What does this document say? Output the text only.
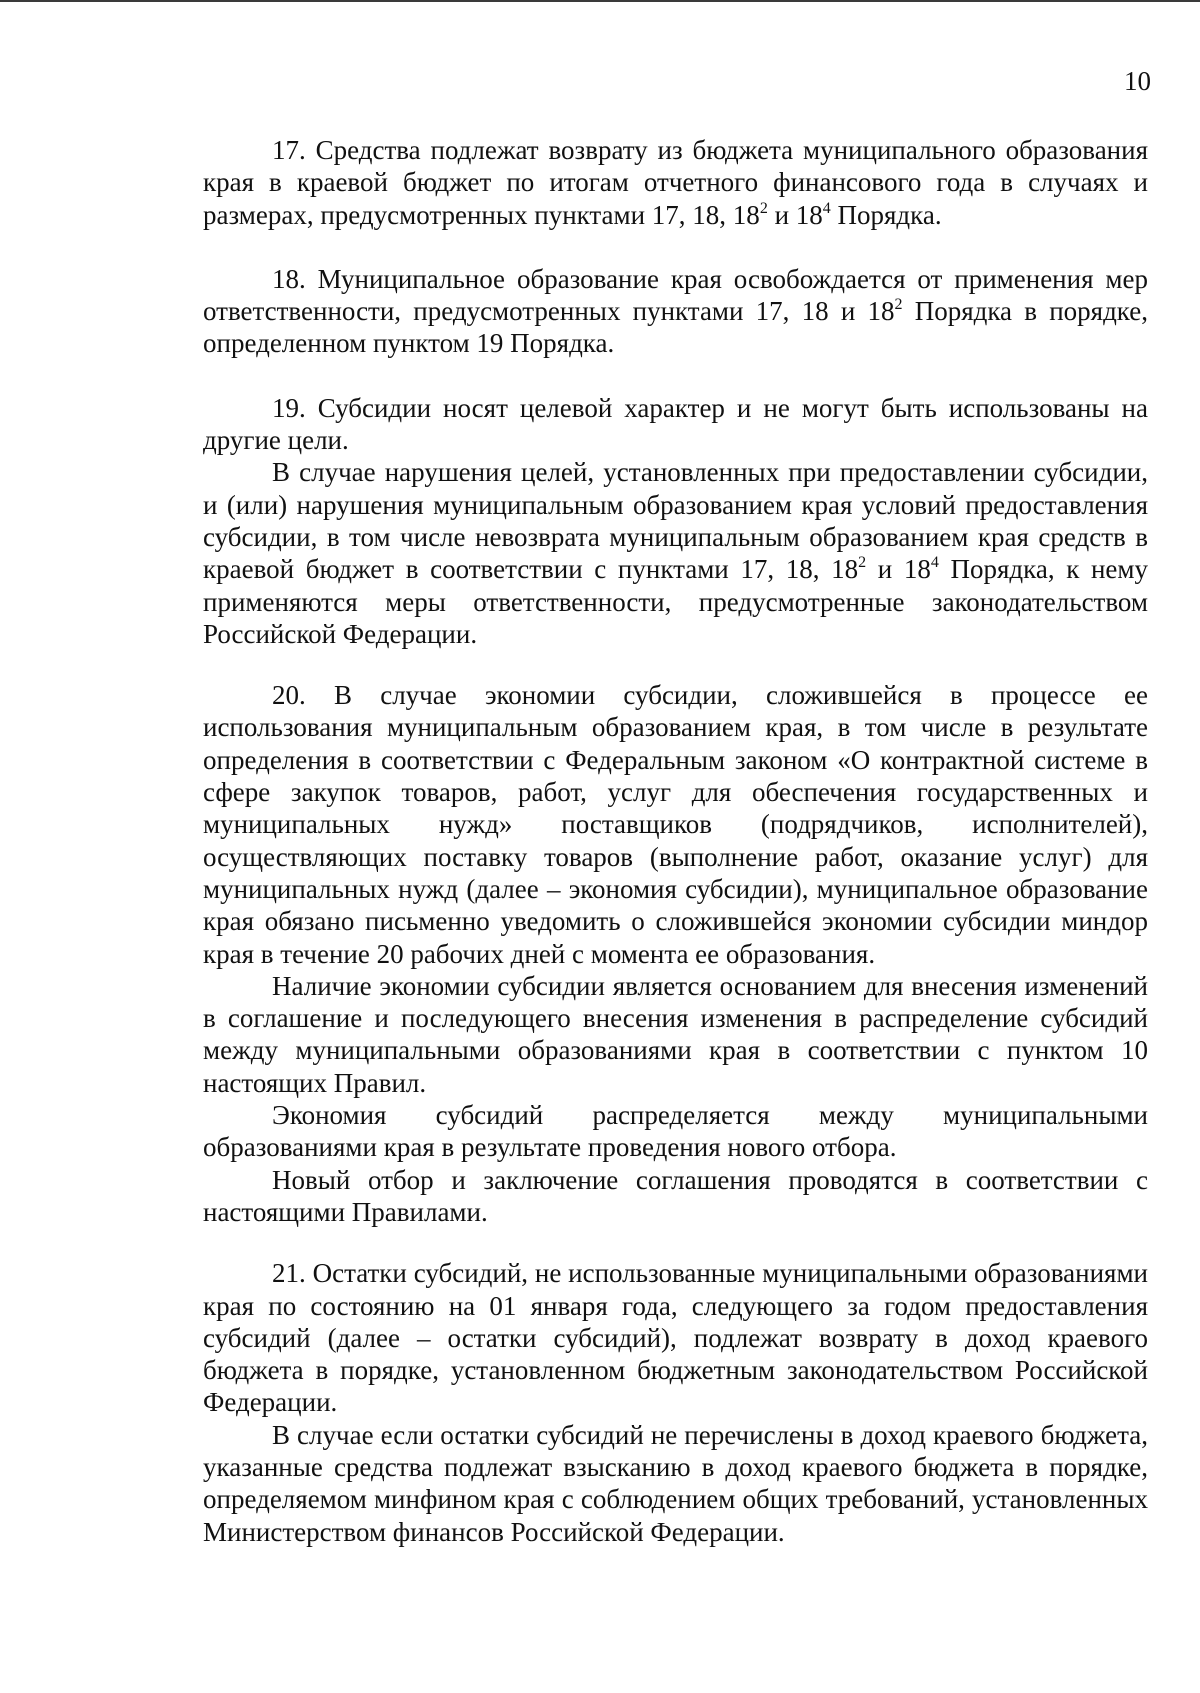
10

17. Средства подлежат возврату из бюджета муниципального образования края в краевой бюджет по итогам отчетного финансового года в случаях и размерах, предусмотренных пунктами 17, 18, $18^2$ и $18^4$ Порядка.

18. Муниципальное образование края освобождается от применения мер ответственности, предусмотренных пунктами 17, 18 и $18^2$ Порядка в порядке, определенном пунктом 19 Порядка.

19. Субсидии носят целевой характер и не могут быть использованы на другие цели.

В случае нарушения целей, установленных при предоставлении субсидии, и (или) нарушения муниципальным образованием края условий предоставления субсидии, в том числе невозврата муниципальным образованием края средств в краевой бюджет в соответствии с пунктами 17, 18, $18^2$ и $18^4$ Порядка, к нему применяются меры ответственности, предусмотренные законодательством Российской Федерации.

20. В случае экономии субсидии, сложившейся в процессе ее использования муниципальным образованием края, в том числе в результате определения в соответствии с Федеральным законом «О контрактной системе в сфере закупок товаров, работ, услуг для обеспечения государственных и муниципальных нужд» поставщиков (подрядчиков, исполнителей), осуществляющих поставку товаров (выполнение работ, оказание услуг) для муниципальных нужд (далее – экономия субсидии), муниципальное образование края обязано письменно уведомить о сложившейся экономии субсидии миндор края в течение 20 рабочих дней с момента ее образования.

Наличие экономии субсидии является основанием для внесения изменений в соглашение и последующего внесения изменения в распределение субсидий между муниципальными образованиями края в соответствии с пунктом 10 настоящих Правил.

Экономия субсидий распределяется между муниципальными образованиями края в результате проведения нового отбора.

Новый отбор и заключение соглашения проводятся в соответствии с настоящими Правилами.

21. Остатки субсидий, не использованные муниципальными образованиями края по состоянию на 01 января года, следующего за годом предоставления субсидий (далее – остатки субсидий), подлежат возврату в доход краевого бюджета в порядке, установленном бюджетным законодательством Российской Федерации.

В случае если остатки субсидий не перечислены в доход краевого бюджета, указанные средства подлежат взысканию в доход краевого бюджета в порядке, определяемом минфином края с соблюдением общих требований, установленных Министерством финансов Российской Федерации.
